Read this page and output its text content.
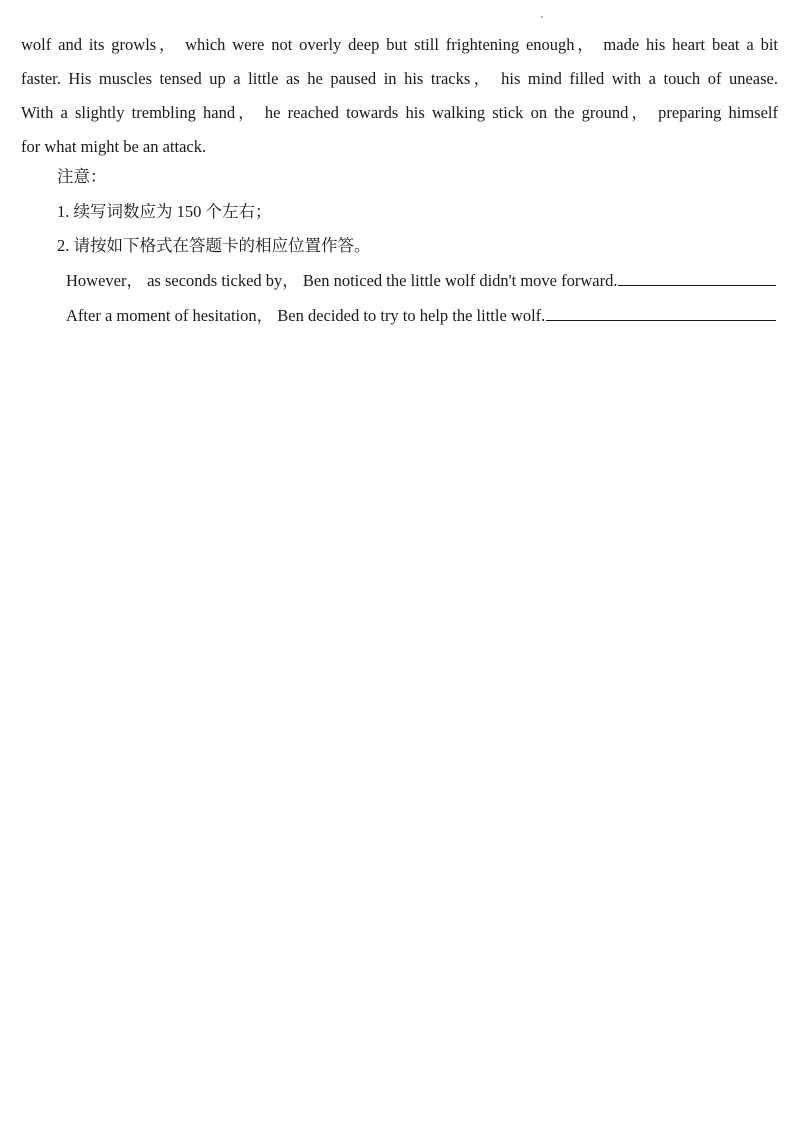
wolf and its growls， which were not overly deep but still frightening enough， made his heart beat a bit
faster. His muscles tensed up a little as he paused in his tracks， his mind filled with a touch of unease.
With a slightly trembling hand， he reached towards his walking stick on the ground， preparing himself
for what might be an attack.
注意：
1. 续写词数应为 150 个左右；
2. 请按如下格式在答题卡的相应位置作答。
However， as seconds ticked by， Ben noticed the little wolf didn't move forward.
After a moment of hesitation， Ben decided to try to help the little wolf.
